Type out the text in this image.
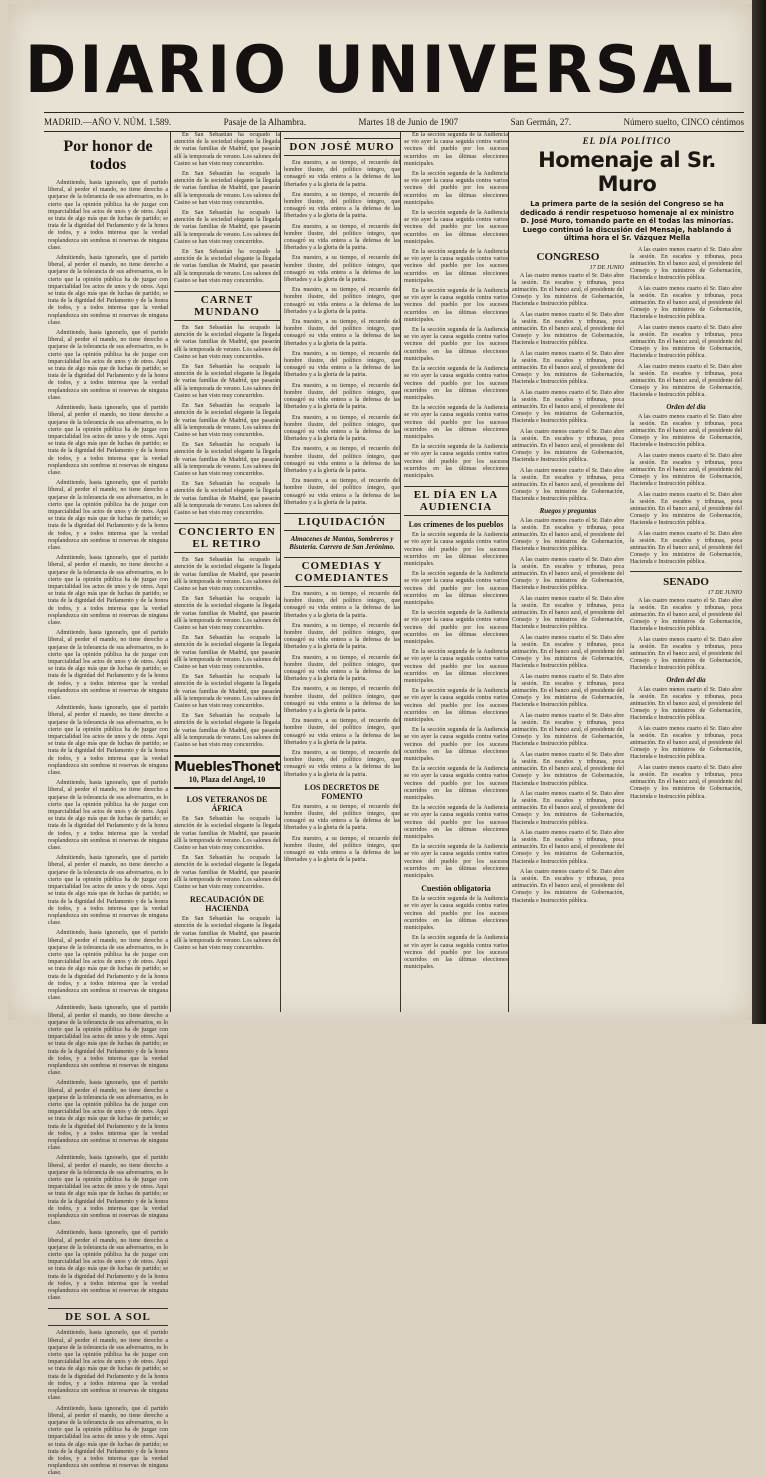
DIARIO UNIVERSAL
MADRID.—AÑO V. NÚM. 1.589.	Pasaje de la Alhambra.	Martes 18 de Junio de 1907	San Germán, 27.	Número suelto, CINCO céntimos
Por honor de todos

Admitiendo, hasta ignorarlo, que el partido liberal, al perder el mando, no tiene derecho a quejarse de la tolerancia de sus adversarios, es lo cierto que la opinión pública ha de juzgar con imparcialidad los actos de unos y de otros. Aquí se trata de algo más que de luchas de partido; se trata de la dignidad del Parlamento y de la honra de todos, y a todos interesa que la verdad resplandezca sin sombras ni reservas de ninguna clase.

Admitiendo, hasta ignorarlo, que el partido liberal, al perder el mando, no tiene derecho a quejarse de la tolerancia de sus adversarios, es lo cierto que la opinión pública ha de juzgar con imparcialidad los actos de unos y de otros. Aquí se trata de algo más que de luchas de partido; se trata de la dignidad del Parlamento y de la honra de todos, y a todos interesa que la verdad resplandezca sin sombras ni reservas de ninguna clase.

Admitiendo, hasta ignorarlo, que el partido liberal, al perder el mando, no tiene derecho a quejarse de la tolerancia de sus adversarios, es lo cierto que la opinión pública ha de juzgar con imparcialidad los actos de unos y de otros. Aquí se trata de algo más que de luchas de partido; se trata de la dignidad del Parlamento y de la honra de todos, y a todos interesa que la verdad resplandezca sin sombras ni reservas de ninguna clase.

Admitiendo, hasta ignorarlo, que el partido liberal, al perder el mando, no tiene derecho a quejarse de la tolerancia de sus adversarios, es lo cierto que la opinión pública ha de juzgar con imparcialidad los actos de unos y de otros. Aquí se trata de algo más que de luchas de partido; se trata de la dignidad del Parlamento y de la honra de todos, y a todos interesa que la verdad resplandezca sin sombras ni reservas de ninguna clase.

Admitiendo, hasta ignorarlo, que el partido liberal, al perder el mando, no tiene derecho a quejarse de la tolerancia de sus adversarios, es lo cierto que la opinión pública ha de juzgar con imparcialidad los actos de unos y de otros. Aquí se trata de algo más que de luchas de partido; se trata de la dignidad del Parlamento y de la honra de todos, y a todos interesa que la verdad resplandezca sin sombras ni reservas de ninguna clase.

Admitiendo, hasta ignorarlo, que el partido liberal, al perder el mando, no tiene derecho a quejarse de la tolerancia de sus adversarios, es lo cierto que la opinión pública ha de juzgar con imparcialidad los actos de unos y de otros. Aquí se trata de algo más que de luchas de partido; se trata de la dignidad del Parlamento y de la honra de todos, y a todos interesa que la verdad resplandezca sin sombras ni reservas de ninguna clase.

Admitiendo, hasta ignorarlo, que el partido liberal, al perder el mando, no tiene derecho a quejarse de la tolerancia de sus adversarios, es lo cierto que la opinión pública ha de juzgar con imparcialidad los actos de unos y de otros. Aquí se trata de algo más que de luchas de partido; se trata de la dignidad del Parlamento y de la honra de todos, y a todos interesa que la verdad resplandezca sin sombras ni reservas de ninguna clase.

Admitiendo, hasta ignorarlo, que el partido liberal, al perder el mando, no tiene derecho a quejarse de la tolerancia de sus adversarios, es lo cierto que la opinión pública ha de juzgar con imparcialidad los actos de unos y de otros. Aquí se trata de algo más que de luchas de partido; se trata de la dignidad del Parlamento y de la honra de todos, y a todos interesa que la verdad resplandezca sin sombras ni reservas de ninguna clase.

Admitiendo, hasta ignorarlo, que el partido liberal, al perder el mando, no tiene derecho a quejarse de la tolerancia de sus adversarios, es lo cierto que la opinión pública ha de juzgar con imparcialidad los actos de unos y de otros. Aquí se trata de algo más que de luchas de partido; se trata de la dignidad del Parlamento y de la honra de todos, y a todos interesa que la verdad resplandezca sin sombras ni reservas de ninguna clase.

Admitiendo, hasta ignorarlo, que el partido liberal, al perder el mando, no tiene derecho a quejarse de la tolerancia de sus adversarios, es lo cierto que la opinión pública ha de juzgar con imparcialidad los actos de unos y de otros. Aquí se trata de algo más que de luchas de partido; se trata de la dignidad del Parlamento y de la honra de todos, y a todos interesa que la verdad resplandezca sin sombras ni reservas de ninguna clase.

Admitiendo, hasta ignorarlo, que el partido liberal, al perder el mando, no tiene derecho a quejarse de la tolerancia de sus adversarios, es lo cierto que la opinión pública ha de juzgar con imparcialidad los actos de unos y de otros. Aquí se trata de algo más que de luchas de partido; se trata de la dignidad del Parlamento y de la honra de todos, y a todos interesa que la verdad resplandezca sin sombras ni reservas de ninguna clase.

Admitiendo, hasta ignorarlo, que el partido liberal, al perder el mando, no tiene derecho a quejarse de la tolerancia de sus adversarios, es lo cierto que la opinión pública ha de juzgar con imparcialidad los actos de unos y de otros. Aquí se trata de algo más que de luchas de partido; se trata de la dignidad del Parlamento y de la honra de todos, y a todos interesa que la verdad resplandezca sin sombras ni reservas de ninguna clase.

Admitiendo, hasta ignorarlo, que el partido liberal, al perder el mando, no tiene derecho a quejarse de la tolerancia de sus adversarios, es lo cierto que la opinión pública ha de juzgar con imparcialidad los actos de unos y de otros. Aquí se trata de algo más que de luchas de partido; se trata de la dignidad del Parlamento y de la honra de todos, y a todos interesa que la verdad resplandezca sin sombras ni reservas de ninguna clase.

Admitiendo, hasta ignorarlo, que el partido liberal, al perder el mando, no tiene derecho a quejarse de la tolerancia de sus adversarios, es lo cierto que la opinión pública ha de juzgar con imparcialidad los actos de unos y de otros. Aquí se trata de algo más que de luchas de partido; se trata de la dignidad del Parlamento y de la honra de todos, y a todos interesa que la verdad resplandezca sin sombras ni reservas de ninguna clase.

Admitiendo, hasta ignorarlo, que el partido liberal, al perder el mando, no tiene derecho a quejarse de la tolerancia de sus adversarios, es lo cierto que la opinión pública ha de juzgar con imparcialidad los actos de unos y de otros. Aquí se trata de algo más que de luchas de partido; se trata de la dignidad del Parlamento y de la honra de todos, y a todos interesa que la verdad resplandezca sin sombras ni reservas de ninguna clase.

DE SOL A SOL

Admitiendo, hasta ignorarlo, que el partido liberal, al perder el mando, no tiene derecho a quejarse de la tolerancia de sus adversarios, es lo cierto que la opinión pública ha de juzgar con imparcialidad los actos de unos y de otros. Aquí se trata de algo más que de luchas de partido; se trata de la dignidad del Parlamento y de la honra de todos, y a todos interesa que la verdad resplandezca sin sombras ni reservas de ninguna clase.

Admitiendo, hasta ignorarlo, que el partido liberal, al perder el mando, no tiene derecho a quejarse de la tolerancia de sus adversarios, es lo cierto que la opinión pública ha de juzgar con imparcialidad los actos de unos y de otros. Aquí se trata de algo más que de luchas de partido; se trata de la dignidad del Parlamento y de la honra de todos, y a todos interesa que la verdad resplandezca sin sombras ni reservas de ninguna clase.

En San Sebastián ha ocupado la atención de la sociedad elegante la llegada de varias familias de Madrid, que pasarán allí la temporada de verano. Los salones del Casino se han visto muy concurridos.

En San Sebastián ha ocupado la atención de la sociedad elegante la llegada de varias familias de Madrid, que pasarán allí la temporada de verano. Los salones del Casino se han visto muy concurridos.

En San Sebastián ha ocupado la atención de la sociedad elegante la llegada de varias familias de Madrid, que pasarán allí la temporada de verano. Los salones del Casino se han visto muy concurridos.

En San Sebastián ha ocupado la atención de la sociedad elegante la llegada de varias familias de Madrid, que pasarán allí la temporada de verano. Los salones del Casino se han visto muy concurridos.

CARNET MUNDANO

En San Sebastián ha ocupado la atención de la sociedad elegante la llegada de varias familias de Madrid, que pasarán allí la temporada de verano. Los salones del Casino se han visto muy concurridos.

En San Sebastián ha ocupado la atención de la sociedad elegante la llegada de varias familias de Madrid, que pasarán allí la temporada de verano. Los salones del Casino se han visto muy concurridos.

En San Sebastián ha ocupado la atención de la sociedad elegante la llegada de varias familias de Madrid, que pasarán allí la temporada de verano. Los salones del Casino se han visto muy concurridos.

En San Sebastián ha ocupado la atención de la sociedad elegante la llegada de varias familias de Madrid, que pasarán allí la temporada de verano. Los salones del Casino se han visto muy concurridos.

En San Sebastián ha ocupado la atención de la sociedad elegante la llegada de varias familias de Madrid, que pasarán allí la temporada de verano. Los salones del Casino se han visto muy concurridos.

CONCIERTO EN EL RETIRO

En San Sebastián ha ocupado la atención de la sociedad elegante la llegada de varias familias de Madrid, que pasarán allí la temporada de verano. Los salones del Casino se han visto muy concurridos.

En San Sebastián ha ocupado la atención de la sociedad elegante la llegada de varias familias de Madrid, que pasarán allí la temporada de verano. Los salones del Casino se han visto muy concurridos.

En San Sebastián ha ocupado la atención de la sociedad elegante la llegada de varias familias de Madrid, que pasarán allí la temporada de verano. Los salones del Casino se han visto muy concurridos.

En San Sebastián ha ocupado la atención de la sociedad elegante la llegada de varias familias de Madrid, que pasarán allí la temporada de verano. Los salones del Casino se han visto muy concurridos.

En San Sebastián ha ocupado la atención de la sociedad elegante la llegada de varias familias de Madrid, que pasarán allí la temporada de verano. Los salones del Casino se han visto muy concurridos.

MueblesThonet
10, Plaza del Angel, 10
LOS VETERANOS DE ÁFRICA

En San Sebastián ha ocupado la atención de la sociedad elegante la llegada de varias familias de Madrid, que pasarán allí la temporada de verano. Los salones del Casino se han visto muy concurridos.

En San Sebastián ha ocupado la atención de la sociedad elegante la llegada de varias familias de Madrid, que pasarán allí la temporada de verano. Los salones del Casino se han visto muy concurridos.

RECAUDACIÓN DE HACIENDA

En San Sebastián ha ocupado la atención de la sociedad elegante la llegada de varias familias de Madrid, que pasarán allí la temporada de verano. Los salones del Casino se han visto muy concurridos.

DON JOSÉ MURO

Era nuestro, a su tiempo, el recuerdo del hombre ilustre, del político íntegro, que consagró su vida entera a la defensa de las libertades y a la gloria de la patria.

Era nuestro, a su tiempo, el recuerdo del hombre ilustre, del político íntegro, que consagró su vida entera a la defensa de las libertades y a la gloria de la patria.

Era nuestro, a su tiempo, el recuerdo del hombre ilustre, del político íntegro, que consagró su vida entera a la defensa de las libertades y a la gloria de la patria.

Era nuestro, a su tiempo, el recuerdo del hombre ilustre, del político íntegro, que consagró su vida entera a la defensa de las libertades y a la gloria de la patria.

Era nuestro, a su tiempo, el recuerdo del hombre ilustre, del político íntegro, que consagró su vida entera a la defensa de las libertades y a la gloria de la patria.

Era nuestro, a su tiempo, el recuerdo del hombre ilustre, del político íntegro, que consagró su vida entera a la defensa de las libertades y a la gloria de la patria.

Era nuestro, a su tiempo, el recuerdo del hombre ilustre, del político íntegro, que consagró su vida entera a la defensa de las libertades y a la gloria de la patria.

Era nuestro, a su tiempo, el recuerdo del hombre ilustre, del político íntegro, que consagró su vida entera a la defensa de las libertades y a la gloria de la patria.

Era nuestro, a su tiempo, el recuerdo del hombre ilustre, del político íntegro, que consagró su vida entera a la defensa de las libertades y a la gloria de la patria.

Era nuestro, a su tiempo, el recuerdo del hombre ilustre, del político íntegro, que consagró su vida entera a la defensa de las libertades y a la gloria de la patria.

Era nuestro, a su tiempo, el recuerdo del hombre ilustre, del político íntegro, que consagró su vida entera a la defensa de las libertades y a la gloria de la patria.

LIQUIDACIÓN
Almacenes de Mantas, Sombreros y Bisutería. Carrera de San Jerónimo.
COMEDIAS Y COMEDIANTES

Era nuestro, a su tiempo, el recuerdo del hombre ilustre, del político íntegro, que consagró su vida entera a la defensa de las libertades y a la gloria de la patria.

Era nuestro, a su tiempo, el recuerdo del hombre ilustre, del político íntegro, que consagró su vida entera a la defensa de las libertades y a la gloria de la patria.

Era nuestro, a su tiempo, el recuerdo del hombre ilustre, del político íntegro, que consagró su vida entera a la defensa de las libertades y a la gloria de la patria.

Era nuestro, a su tiempo, el recuerdo del hombre ilustre, del político íntegro, que consagró su vida entera a la defensa de las libertades y a la gloria de la patria.

Era nuestro, a su tiempo, el recuerdo del hombre ilustre, del político íntegro, que consagró su vida entera a la defensa de las libertades y a la gloria de la patria.

Era nuestro, a su tiempo, el recuerdo del hombre ilustre, del político íntegro, que consagró su vida entera a la defensa de las libertades y a la gloria de la patria.

LOS DECRETOS DE FOMENTO

Era nuestro, a su tiempo, el recuerdo del hombre ilustre, del político íntegro, que consagró su vida entera a la defensa de las libertades y a la gloria de la patria.

Era nuestro, a su tiempo, el recuerdo del hombre ilustre, del político íntegro, que consagró su vida entera a la defensa de las libertades y a la gloria de la patria.

En la sección segunda de la Audiencia se vio ayer la causa seguida contra varios vecinos del pueblo por los sucesos ocurridos en las últimas elecciones municipales.

En la sección segunda de la Audiencia se vio ayer la causa seguida contra varios vecinos del pueblo por los sucesos ocurridos en las últimas elecciones municipales.

En la sección segunda de la Audiencia se vio ayer la causa seguida contra varios vecinos del pueblo por los sucesos ocurridos en las últimas elecciones municipales.

En la sección segunda de la Audiencia se vio ayer la causa seguida contra varios vecinos del pueblo por los sucesos ocurridos en las últimas elecciones municipales.

En la sección segunda de la Audiencia se vio ayer la causa seguida contra varios vecinos del pueblo por los sucesos ocurridos en las últimas elecciones municipales.

En la sección segunda de la Audiencia se vio ayer la causa seguida contra varios vecinos del pueblo por los sucesos ocurridos en las últimas elecciones municipales.

En la sección segunda de la Audiencia se vio ayer la causa seguida contra varios vecinos del pueblo por los sucesos ocurridos en las últimas elecciones municipales.

En la sección segunda de la Audiencia se vio ayer la causa seguida contra varios vecinos del pueblo por los sucesos ocurridos en las últimas elecciones municipales.

En la sección segunda de la Audiencia se vio ayer la causa seguida contra varios vecinos del pueblo por los sucesos ocurridos en las últimas elecciones municipales.

EL DÍA EN LA AUDIENCIA
Los crímenes de los pueblos

En la sección segunda de la Audiencia se vio ayer la causa seguida contra varios vecinos del pueblo por los sucesos ocurridos en las últimas elecciones municipales.

En la sección segunda de la Audiencia se vio ayer la causa seguida contra varios vecinos del pueblo por los sucesos ocurridos en las últimas elecciones municipales.

En la sección segunda de la Audiencia se vio ayer la causa seguida contra varios vecinos del pueblo por los sucesos ocurridos en las últimas elecciones municipales.

En la sección segunda de la Audiencia se vio ayer la causa seguida contra varios vecinos del pueblo por los sucesos ocurridos en las últimas elecciones municipales.

En la sección segunda de la Audiencia se vio ayer la causa seguida contra varios vecinos del pueblo por los sucesos ocurridos en las últimas elecciones municipales.

En la sección segunda de la Audiencia se vio ayer la causa seguida contra varios vecinos del pueblo por los sucesos ocurridos en las últimas elecciones municipales.

En la sección segunda de la Audiencia se vio ayer la causa seguida contra varios vecinos del pueblo por los sucesos ocurridos en las últimas elecciones municipales.

En la sección segunda de la Audiencia se vio ayer la causa seguida contra varios vecinos del pueblo por los sucesos ocurridos en las últimas elecciones municipales.

En la sección segunda de la Audiencia se vio ayer la causa seguida contra varios vecinos del pueblo por los sucesos ocurridos en las últimas elecciones municipales.

Cuestión obligatoria

En la sección segunda de la Audiencia se vio ayer la causa seguida contra varios vecinos del pueblo por los sucesos ocurridos en las últimas elecciones municipales.

En la sección segunda de la Audiencia se vio ayer la causa seguida contra varios vecinos del pueblo por los sucesos ocurridos en las últimas elecciones municipales.

EL DÍA POLÍTICO
Homenaje al Sr. Muro
La primera parte de la sesión del Congreso se ha dedicado á rendir respetuoso homenaje al ex ministro D. José Muro, tomando parte en él todas las minorías. Luego continuó la discusión del Mensaje, hablando á última hora el Sr. Vázquez Mella
CONGRESO
17 DE JUNIO

A las cuatro menos cuarto el Sr. Dato abre la sesión. En escaños y tribunas, poca animación. En el banco azul, el presidente del Consejo y los ministros de Gobernación, Hacienda e Instrucción pública.

A las cuatro menos cuarto el Sr. Dato abre la sesión. En escaños y tribunas, poca animación. En el banco azul, el presidente del Consejo y los ministros de Gobernación, Hacienda e Instrucción pública.

A las cuatro menos cuarto el Sr. Dato abre la sesión. En escaños y tribunas, poca animación. En el banco azul, el presidente del Consejo y los ministros de Gobernación, Hacienda e Instrucción pública.

A las cuatro menos cuarto el Sr. Dato abre la sesión. En escaños y tribunas, poca animación. En el banco azul, el presidente del Consejo y los ministros de Gobernación, Hacienda e Instrucción pública.

A las cuatro menos cuarto el Sr. Dato abre la sesión. En escaños y tribunas, poca animación. En el banco azul, el presidente del Consejo y los ministros de Gobernación, Hacienda e Instrucción pública.

A las cuatro menos cuarto el Sr. Dato abre la sesión. En escaños y tribunas, poca animación. En el banco azul, el presidente del Consejo y los ministros de Gobernación, Hacienda e Instrucción pública.

Ruegos y preguntas

A las cuatro menos cuarto el Sr. Dato abre la sesión. En escaños y tribunas, poca animación. En el banco azul, el presidente del Consejo y los ministros de Gobernación, Hacienda e Instrucción pública.

A las cuatro menos cuarto el Sr. Dato abre la sesión. En escaños y tribunas, poca animación. En el banco azul, el presidente del Consejo y los ministros de Gobernación, Hacienda e Instrucción pública.

A las cuatro menos cuarto el Sr. Dato abre la sesión. En escaños y tribunas, poca animación. En el banco azul, el presidente del Consejo y los ministros de Gobernación, Hacienda e Instrucción pública.

A las cuatro menos cuarto el Sr. Dato abre la sesión. En escaños y tribunas, poca animación. En el banco azul, el presidente del Consejo y los ministros de Gobernación, Hacienda e Instrucción pública.

A las cuatro menos cuarto el Sr. Dato abre la sesión. En escaños y tribunas, poca animación. En el banco azul, el presidente del Consejo y los ministros de Gobernación, Hacienda e Instrucción pública.

A las cuatro menos cuarto el Sr. Dato abre la sesión. En escaños y tribunas, poca animación. En el banco azul, el presidente del Consejo y los ministros de Gobernación, Hacienda e Instrucción pública.

A las cuatro menos cuarto el Sr. Dato abre la sesión. En escaños y tribunas, poca animación. En el banco azul, el presidente del Consejo y los ministros de Gobernación, Hacienda e Instrucción pública.

A las cuatro menos cuarto el Sr. Dato abre la sesión. En escaños y tribunas, poca animación. En el banco azul, el presidente del Consejo y los ministros de Gobernación, Hacienda e Instrucción pública.

A las cuatro menos cuarto el Sr. Dato abre la sesión. En escaños y tribunas, poca animación. En el banco azul, el presidente del Consejo y los ministros de Gobernación, Hacienda e Instrucción pública.

A las cuatro menos cuarto el Sr. Dato abre la sesión. En escaños y tribunas, poca animación. En el banco azul, el presidente del Consejo y los ministros de Gobernación, Hacienda e Instrucción pública.

A las cuatro menos cuarto el Sr. Dato abre la sesión. En escaños y tribunas, poca animación. En el banco azul, el presidente del Consejo y los ministros de Gobernación, Hacienda e Instrucción pública.

A las cuatro menos cuarto el Sr. Dato abre la sesión. En escaños y tribunas, poca animación. En el banco azul, el presidente del Consejo y los ministros de Gobernación, Hacienda e Instrucción pública.

A las cuatro menos cuarto el Sr. Dato abre la sesión. En escaños y tribunas, poca animación. En el banco azul, el presidente del Consejo y los ministros de Gobernación, Hacienda e Instrucción pública.

A las cuatro menos cuarto el Sr. Dato abre la sesión. En escaños y tribunas, poca animación. En el banco azul, el presidente del Consejo y los ministros de Gobernación, Hacienda e Instrucción pública.

Orden del día

A las cuatro menos cuarto el Sr. Dato abre la sesión. En escaños y tribunas, poca animación. En el banco azul, el presidente del Consejo y los ministros de Gobernación, Hacienda e Instrucción pública.

A las cuatro menos cuarto el Sr. Dato abre la sesión. En escaños y tribunas, poca animación. En el banco azul, el presidente del Consejo y los ministros de Gobernación, Hacienda e Instrucción pública.

A las cuatro menos cuarto el Sr. Dato abre la sesión. En escaños y tribunas, poca animación. En el banco azul, el presidente del Consejo y los ministros de Gobernación, Hacienda e Instrucción pública.

A las cuatro menos cuarto el Sr. Dato abre la sesión. En escaños y tribunas, poca animación. En el banco azul, el presidente del Consejo y los ministros de Gobernación, Hacienda e Instrucción pública.

SENADO
17 DE JUNIO

A las cuatro menos cuarto el Sr. Dato abre la sesión. En escaños y tribunas, poca animación. En el banco azul, el presidente del Consejo y los ministros de Gobernación, Hacienda e Instrucción pública.

A las cuatro menos cuarto el Sr. Dato abre la sesión. En escaños y tribunas, poca animación. En el banco azul, el presidente del Consejo y los ministros de Gobernación, Hacienda e Instrucción pública.

Orden del día

A las cuatro menos cuarto el Sr. Dato abre la sesión. En escaños y tribunas, poca animación. En el banco azul, el presidente del Consejo y los ministros de Gobernación, Hacienda e Instrucción pública.

A las cuatro menos cuarto el Sr. Dato abre la sesión. En escaños y tribunas, poca animación. En el banco azul, el presidente del Consejo y los ministros de Gobernación, Hacienda e Instrucción pública.

A las cuatro menos cuarto el Sr. Dato abre la sesión. En escaños y tribunas, poca animación. En el banco azul, el presidente del Consejo y los ministros de Gobernación, Hacienda e Instrucción pública.
